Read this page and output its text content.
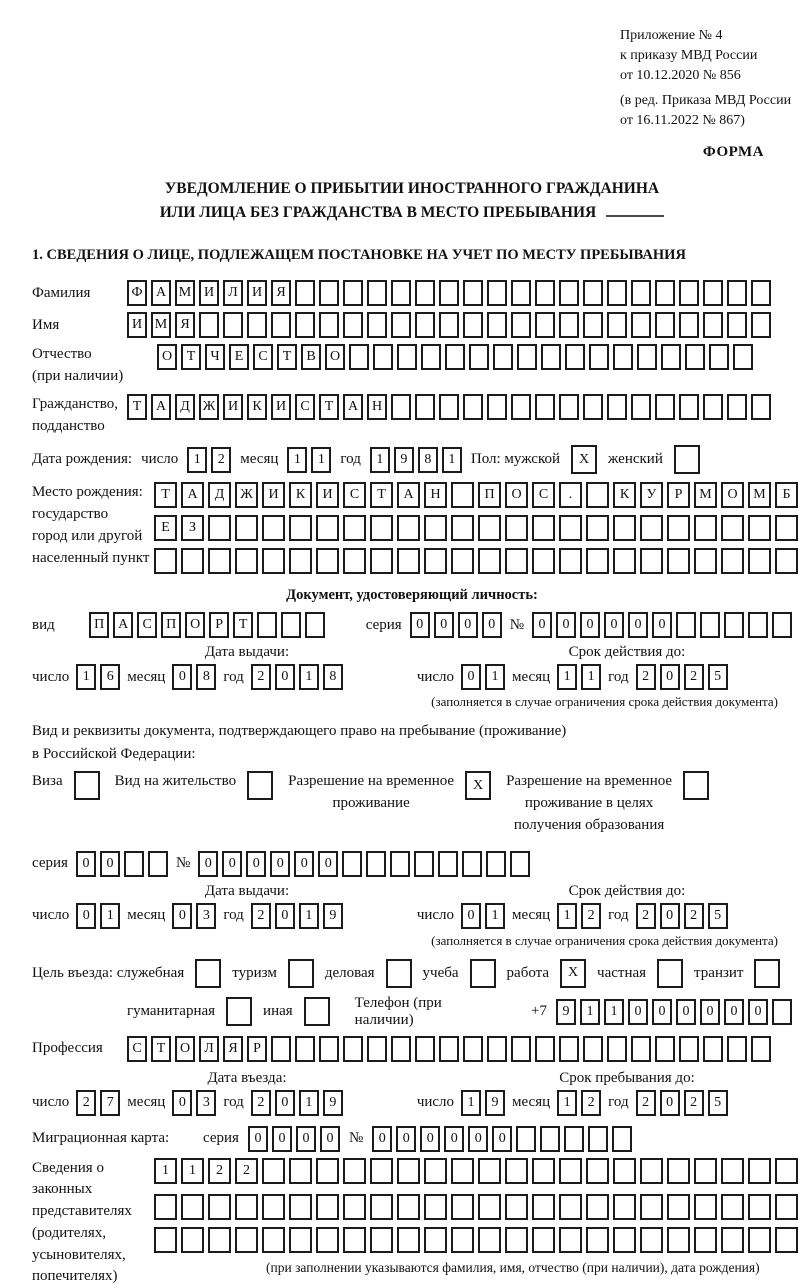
Приложение № 4
к приказу МВД России
от 10.12.2020 № 856
(в ред. Приказа МВД России
от 16.11.2022 № 867)
ФОРМА
УВЕДОМЛЕНИЕ О ПРИБЫТИИ ИНОСТРАННОГО ГРАЖДАНИНА
ИЛИ ЛИЦА БЕЗ ГРАЖДАНСТВА В МЕСТО ПРЕБЫВАНИЯ
1. СВЕДЕНИЯ О ЛИЦЕ, ПОДЛЕЖАЩЕМ ПОСТАНОВКЕ НА УЧЕТ ПО МЕСТУ ПРЕБЫВАНИЯ
Фамилия	Ф А М И	Л	И	Я
Имя	И М Я
Отчество
(при наличии)
О	Т	Ч	Е	С	Т	В	О
Гражданство,
подданство
Т	А	Д Ж И	К	И	С	Т	А Н
Дата рождения: число	1	2	месяц	1	1	год	1	9	8	1	Пол: мужской	X	женский
Место рождения:
государство
город или другой
населенный пункт
Т	А	Д	Ж	И	К	И	С	Т	А	Н	П	О	С	.	К	У	Р	М	О	М	Б
Е	З
Документ, удостоверяющий личность:
вид	П А	С	П О	Р	Т	серия	0	0	0	0 №	0	0	0	0	0	0
Дата выдачи:	Срок действия до:
число 1	6 месяц 0	8 год 2	0	1	8	число 0	1 месяц 1	1 год 2	0	2	5
(заполняется в случае ограничения срока действия документа)
Вид и реквизиты документа, подтверждающего право на пребывание (проживание)
в Российской Федерации:
Виза	Вид на жительство	Разрешение на временное
проживание
X	Разрешение на временное
проживание в целях
получения образования
серия	0	0	№	0	0	0	0	0	0
Дата выдачи:	Срок действия до:
число 0	1 месяц 0	3 год 2	0	1	9	число 0	1 месяц 1	2 год 2	0	2	5
(заполняется в случае ограничения срока действия документа)
Цель въезда: служебная	туризм	деловая	учеба	работа	X	частная	транзит
гуманитарная	иная
Телефон (при наличии)
+7	9	1	1	0	0	0	0	0	0
Профессия	С	Т	О	Л	Я	Р
Дата въезда:	Срок пребывания до:
число 2	7 месяц 0	3 год 2	0	1	9	число 1	9 месяц 1	2 год 2	0	2	5
Миграционная карта:	серия	0	0	0	0	№	0	0	0	0	0	0
Сведения о
законных
представителях
(родителях,
усыновителях,
попечителях)
1	1	2	2
(при заполнении указываются фамилия, имя, отчество (при наличии), дата рождения)
